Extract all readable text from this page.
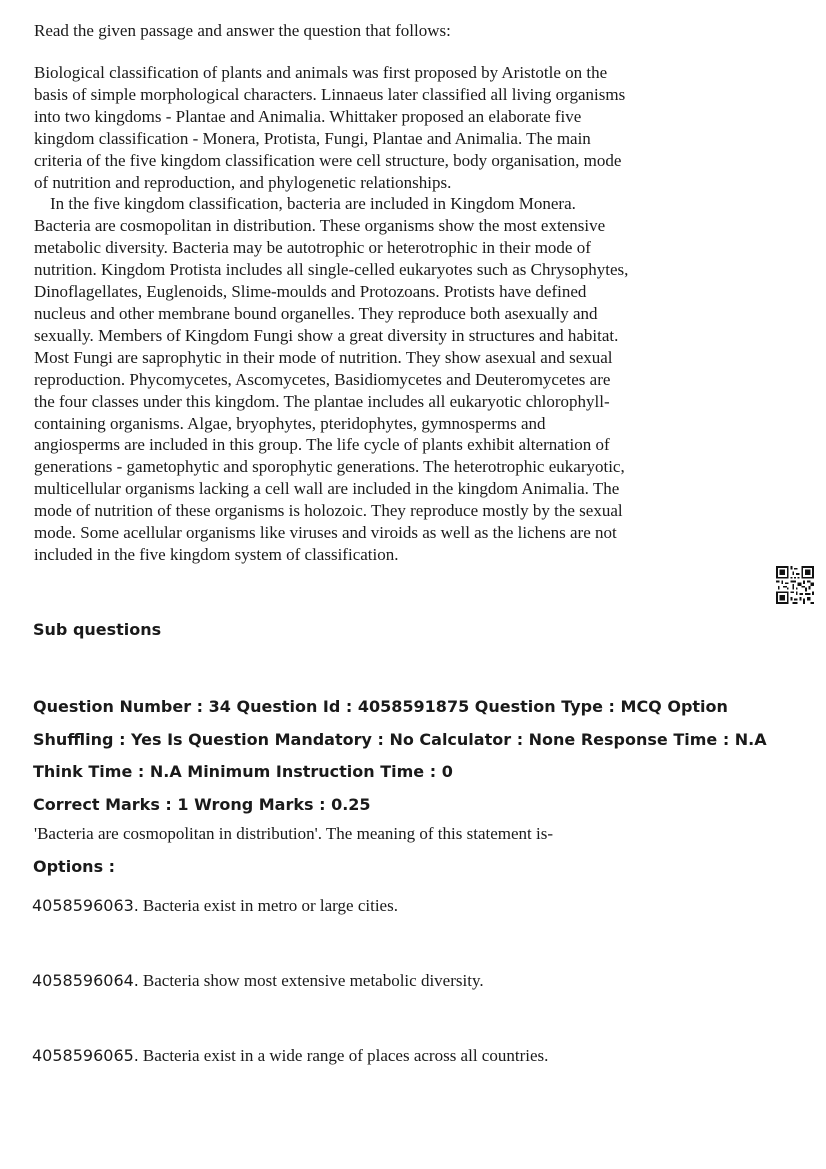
Read the given passage and answer the question that follows:

Biological classification of plants and animals was first proposed by Aristotle on the basis of simple morphological characters. Linnaeus later classified all living organisms into two kingdoms - Plantae and Animalia. Whittaker proposed an elaborate five kingdom classification - Monera, Protista, Fungi, Plantae and Animalia. The main criteria of the five kingdom classification were cell structure, body organisation, mode of nutrition and reproduction, and phylogenetic relationships.

In the five kingdom classification, bacteria are included in Kingdom Monera. Bacteria are cosmopolitan in distribution. These organisms show the most extensive metabolic diversity. Bacteria may be autotrophic or heterotrophic in their mode of nutrition. Kingdom Protista includes all single-celled eukaryotes such as Chrysophytes, Dinoflagellates, Euglenoids, Slime-moulds and Protozoans. Protists have defined nucleus and other membrane bound organelles. They reproduce both asexually and sexually. Members of Kingdom Fungi show a great diversity in structures and habitat. Most Fungi are saprophytic in their mode of nutrition. They show asexual and sexual reproduction. Phycomycetes, Ascomycetes, Basidiomycetes and Deuteromycetes are the four classes under this kingdom. The plantae includes all eukaryotic chlorophyll-containing organisms. Algae, bryophytes, pteridophytes, gymnosperms and angiosperms are included in this group. The life cycle of plants exhibit alternation of generations - gametophytic and sporophytic generations. The heterotrophic eukaryotic, multicellular organisms lacking a cell wall are included in the kingdom Animalia. The mode of nutrition of these organisms is holozoic. They reproduce mostly by the sexual mode. Some acellular organisms like viruses and viroids as well as the lichens are not included in the five kingdom system of classification.

Sub questions

Question Number : 34 Question Id : 4058591875 Question Type : MCQ Option Shuffling : Yes Is Question Mandatory : No Calculator : None Response Time : N.A Think Time : N.A Minimum Instruction Time : 0

Correct Marks : 1 Wrong Marks : 0.25

'Bacteria are cosmopolitan in distribution'. The meaning of this statement is-

Options :

4058596063. Bacteria exist in metro or large cities.
4058596064. Bacteria show most extensive metabolic diversity.
4058596065. Bacteria exist in a wide range of places across all countries.
